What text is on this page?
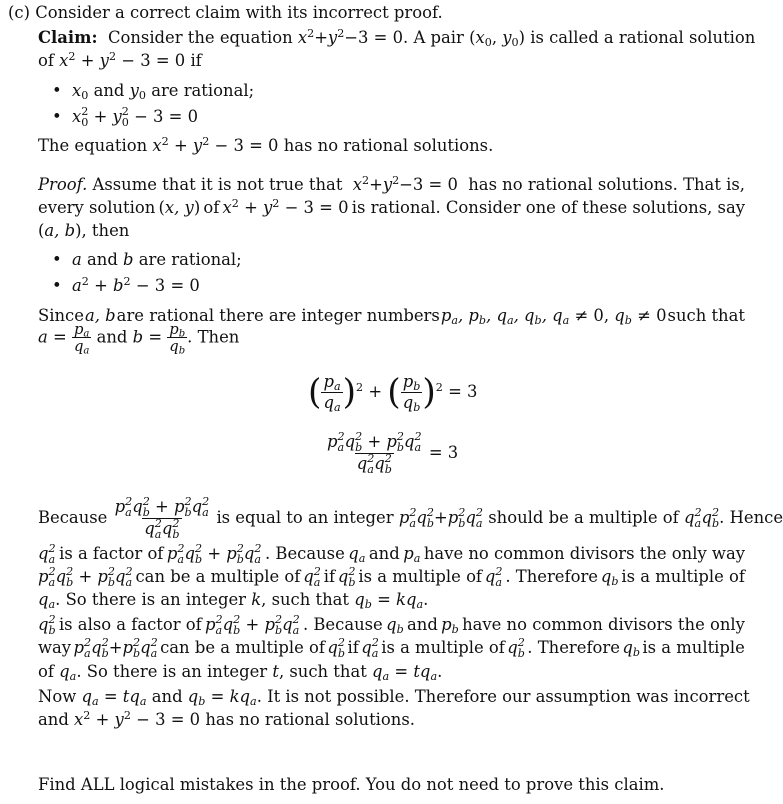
(c) Consider a correct claim with its incorrect proof.
Claim: Consider the equation $x^2+y^2-3 = 0$. A pair ($x_0$, $y_0$) is called a rational solution
of $x^2 + y^2 - 3 = 0$ if
• $x_0$ and $y_0$ are rational;
• x 2
0 + y 2
0 − 3 = 0
The equation $x^2 + y^2 - 3 = 0$ has no rational solutions.
Proof. Assume that it is not true that $x^2+y^2-3 = 0$ has no rational solutions. That is,
every solution (x, y) of $x^2 + y^2 - 3 = 0$ is rational. Consider one of these solutions, say
(a, b), then
• a and b are rational;
• $a^2 + b^2 - 3 = 0$
Since a, b are rational there are integer numbers $p_a$, $p_b$, $q_a$, $q_b$, $q_a \ne 0$, $q_b \ne 0$ such that
$a = \frac{p_a}{q_a}$ and $b = \frac{p_b}{q_b}$ . Then
( $\frac{p_a}{q_a} )^2$ + ( $\frac{p_b}{q_b} )^2 = 3$
p 2
a q 2
b + p 2
b q 2
a
q 2
a q 2
b = 3
Because p 2
a q 2
b + p 2
b q 2
a
q 2
a q 2
b is equal to an integer p 2
a q 2
b +p 2
b q 2
a should be a multiple of q 2
a q 2
b . Hence
q 2
a is a factor of p 2
a q 2
b + p 2
b q 2
a . Because $q_a$ and $p_a$ have no common divisors the only way
p 2
a q 2
b + p 2
b q 2
a can be a multiple of q 2
a if q 2
b is a multiple of q 2
a . Therefore $q_b$ is a multiple of
$q_a$. So there is an integer k, such that $q_b = kq_a$.
q 2
b is also a factor of p 2
a q 2
b + p 2
b q 2
a . Because $q_b$ and $p_b$ have no common divisors the only
way p 2
a q 2
b +p 2
b q 2
a can be a multiple of q 2
b if q 2
a is a multiple of q 2
b . Therefore $q_b$ is a multiple
of $q_a$. So there is an integer t, such that $q_a = tq_a$.
Now $q_a = tq_a$ and $q_b = kq_a$. It is not possible. Therefore our assumption was incorrect
and $x^2 + y^2 - 3 = 0$ has no rational solutions.
Find ALL logical mistakes in the proof. You do not need to prove this claim.
